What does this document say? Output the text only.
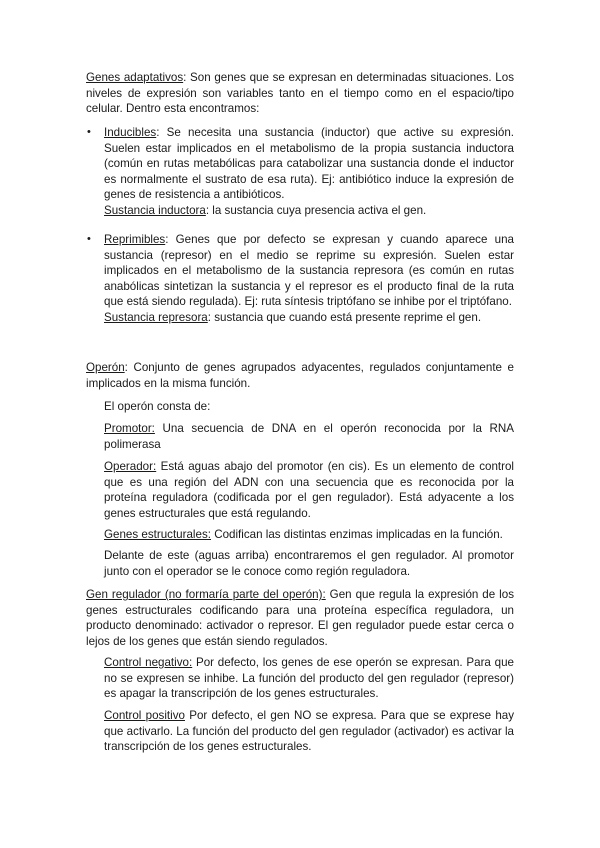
Genes adaptativos: Son genes que se expresan en determinadas situaciones. Los niveles de expresión son variables tanto en el tiempo como en el espacio/tipo celular. Dentro esta encontramos:

• Inducibles: Se necesita una sustancia (inductor) que active su expresión. Suelen estar implicados en el metabolismo de la propia sustancia inductora (común en rutas metabólicas para catabolizar una sustancia donde el inductor es normalmente el sustrato de esa ruta). Ej: antibiótico induce la expresión de genes de resistencia a antibióticos.
Sustancia inductora: la sustancia cuya presencia activa el gen.

• Reprimibles: Genes que por defecto se expresan y cuando aparece una sustancia (represor) en el medio se reprime su expresión. Suelen estar implicados en el metabolismo de la sustancia represora (es común en rutas anabólicas sintetizan la sustancia y el represor es el producto final de la ruta que está siendo regulada). Ej: ruta síntesis triptófano se inhibe por el triptófano.
Sustancia represora: sustancia que cuando está presente reprime el gen.

Operón: Conjunto de genes agrupados adyacentes, regulados conjuntamente e implicados en la misma función.

El operón consta de:

Promotor: Una secuencia de DNA en el operón reconocida por la RNA polimerasa

Operador: Está aguas abajo del promotor (en cis). Es un elemento de control que es una región del ADN con una secuencia que es reconocida por la proteína reguladora (codificada por el gen regulador). Está adyacente a los genes estructurales que está regulando.

Genes estructurales: Codifican las distintas enzimas implicadas en la función.

Delante de este (aguas arriba) encontraremos el gen regulador. Al promotor junto con el operador se le conoce como región reguladora.

Gen regulador (no formaría parte del operón): Gen que regula la expresión de los genes estructurales codificando para una proteína específica reguladora, un producto denominado: activador o represor. El gen regulador puede estar cerca o lejos de los genes que están siendo regulados.

Control negativo: Por defecto, los genes de ese operón se expresan. Para que no se expresen se inhibe. La función del producto del gen regulador (represor) es apagar la transcripción de los genes estructurales.

Control positivo Por defecto, el gen NO se expresa. Para que se exprese hay que activarlo. La función del producto del gen regulador (activador) es activar la transcripción de los genes estructurales.
